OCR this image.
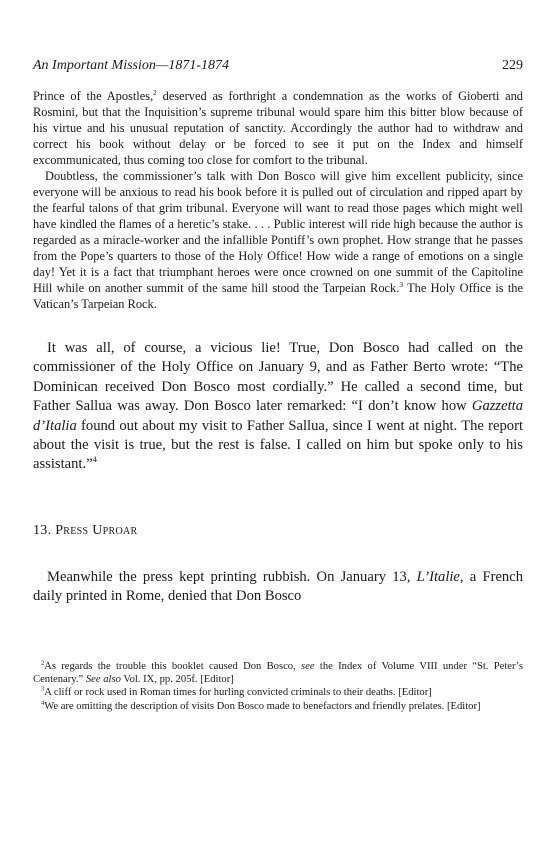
An Important Mission—1871-1874	229

Prince of the Apostles,$^2$ deserved as forthright a condemnation as the works of Gioberti and Rosmini, but that the Inquisition’s supreme tribunal would spare him this bitter blow because of his virtue and his unusual reputation of sanctity. Accordingly the author had to withdraw and correct his book without delay or be forced to see it put on the Index and himself excommunicated, thus coming too close for comfort to the tribunal.

Doubtless, the commissioner’s talk with Don Bosco will give him excellent publicity, since everyone will be anxious to read his book before it is pulled out of circulation and ripped apart by the fearful talons of that grim tribunal. Everyone will want to read those pages which might well have kindled the flames of a heretic’s stake. . . . Public interest will ride high because the author is regarded as a miracle-worker and the infallible Pontiff’s own prophet. How strange that he passes from the Pope’s quarters to those of the Holy Office! How wide a range of emotions on a single day! Yet it is a fact that triumphant heroes were once crowned on one summit of the Capitoline Hill while on another summit of the same hill stood the Tarpeian Rock.$^3$ The Holy Office is the Vatican’s Tarpeian Rock.

It was all, of course, a vicious lie! True, Don Bosco had called on the commissioner of the Holy Office on January 9, and as Father Berto wrote: “The Dominican received Don Bosco most cordially.” He called a second time, but Father Sallua was away. Don Bosco later remarked: “I don’t know how Gazzetta d’Italia found out about my visit to Father Sallua, since I went at night. The report about the visit is true, but the rest is false. I called on him but spoke only to his assistant.”$^4$

13. Press Uproar

Meanwhile the press kept printing rubbish. On January 13, L’Italie, a French daily printed in Rome, denied that Don Bosco

$^2$As regards the trouble this booklet caused Don Bosco, see the Index of Volume VIII under “St. Peter’s Centenary.” See also Vol. IX, pp. 205f. [Editor]

$^3$A cliff or rock used in Roman times for hurling convicted criminals to their deaths. [Editor]

$^4$We are omitting the description of visits Don Bosco made to benefactors and friendly prelates. [Editor]
